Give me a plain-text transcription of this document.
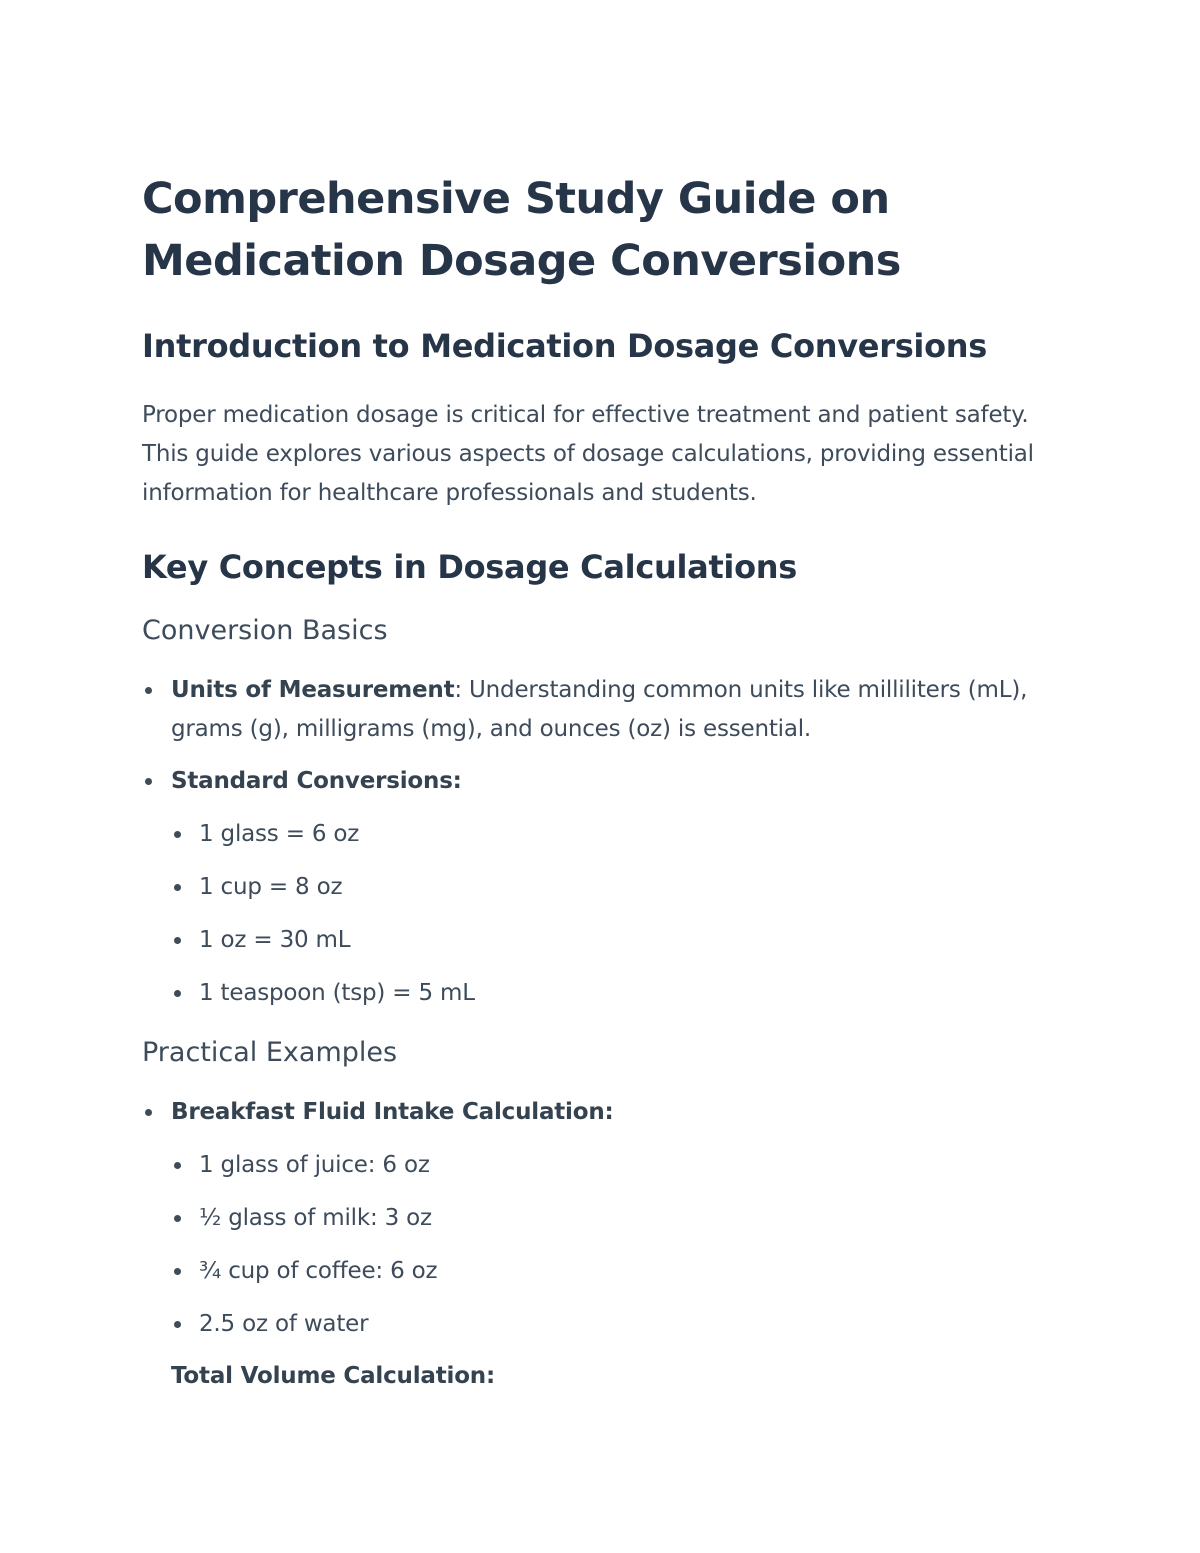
Comprehensive Study Guide on Medication Dosage Conversions
Introduction to Medication Dosage Conversions

Proper medication dosage is critical for effective treatment and patient safety. This guide explores various aspects of dosage calculations, providing essential information for healthcare professionals and students.

Key Concepts in Dosage Calculations
Conversion Basics
Units of Measurement: Understanding common units like milliliters (mL), grams (g), milligrams (mg), and ounces (oz) is essential.
Standard Conversions:
1 glass = 6 oz
1 cup = 8 oz
1 oz = 30 mL
1 teaspoon (tsp) = 5 mL
Practical Examples
Breakfast Fluid Intake Calculation:
1 glass of juice: 6 oz
½ glass of milk: 3 oz
¾ cup of coffee: 6 oz
2.5 oz of water
Total Volume Calculation:
